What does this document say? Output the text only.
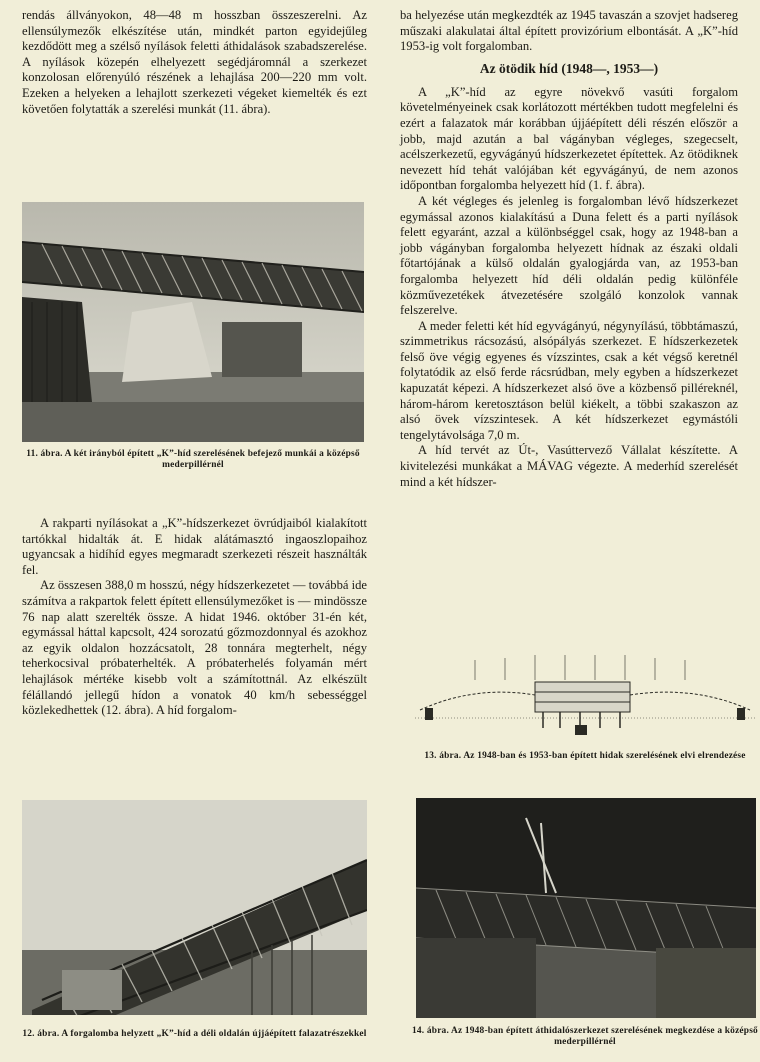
rendás állványokon, 48—48 m hosszban összeszerelni. Az ellensúlymezők elkészítése után, mindkét parton egyidejűleg kezdődött meg a szélső nyílások feletti áthidalások szabadszerelése. A nyílások közepén elhelyezett segédjáromnál a szerkezet konzolosan előrenyúló részének a lehajlása 200—220 mm volt. Ezeken a helyeken a lehajlott szerkezeti végeket kiemelték és ezt követően folytatták a szerelési munkát (11. ábra).

11. ábra. A két irányból épített „K”-híd szerelésének befejező munkái a középső mederpillérnél

A rakparti nyílásokat a „K”-hídszerkezet övrúdjaiból kialakított tartókkal hidalták át. E hidak alátámasztó ingaoszlopaihoz ugyancsak a hidíhíd egyes megmaradt szerkezeti részeit használták fel.

Az összesen 388,0 m hosszú, négy hídszerkezetet — továbbá ide számítva a rakpartok felett épített ellensúlymezőket is — mindössze 76 nap alatt szerelték össze. A hidat 1946. október 31-én két, egymással háttal kapcsolt, 424 sorozatú gőzmozdonnyal és azokhoz az egyik oldalon hozzácsatolt, 28 tonnára megterhelt, négy teherkocsival próbaterhelték. A próbaterhelés folyamán mért lehajlások mértéke kisebb volt a számítottnál. Az elkészült félállandó jellegű hídon a vonatok 40 km/h sebességgel közlekedhettek (12. ábra). A híd forgalom-

12. ábra. A forgalomba helyzett „K”-híd a déli oldalán újjáépített falazatrészekkel

ba helyezése után megkezdték az 1945 tavaszán a szovjet hadsereg műszaki alakulatai által épített provizórium elbontását. A „K”-híd 1953-ig volt forgalomban.

Az ötödik híd (1948—, 1953—)

A „K”-híd az egyre növekvő vasúti forgalom követelményeinek csak korlátozott mértékben tudott megfelelni és ezért a falazatok már korábban újjáépített déli részén először a jobb, majd azután a bal vágányban végleges, szegecselt, acélszerkezetű, egyvágányú hídszerkezetet építettek. Az ötödiknek nevezett híd tehát valójában két egyvágányú, de nem azonos időpontban forgalomba helyezett híd (1. f. ábra).

A két végleges és jelenleg is forgalomban lévő hídszerkezet egymással azonos kialakítású a Duna felett és a parti nyílások felett egyaránt, azzal a különbséggel csak, hogy az 1948-ban a jobb vágányban forgalomba helyezett hídnak az északi oldali főtartójának a külső oldalán gyalogjárda van, az 1953-ban forgalomba helyezett híd déli oldalán pedig különféle közművezetékek átvezetésére szolgáló konzolok vannak felszerelve.

A meder feletti két híd egyvágányú, négynyílású, többtámaszú, szimmetrikus rácsozású, alsópályás szerkezet. E hídszerkezetek felső öve végig egyenes és vízszintes, csak a két végső keretnél folytatódik az első ferde rácsrúdban, mely egyben a hídszerkezet kapuzatát képezi. A hídszerkezet alsó öve a közbenső pilléreknél, három-három keretosztáson belül kiékelt, a többi szakaszon az alsó övek vízszintesek. A két hídszerkezet egymástóli tengelytávolsága 7,0 m.

A híd tervét az Út-, Vasúttervező Vállalat készítette. A kivitelezési munkákat a MÁVAG végezte. A mederhíd szerelését mind a két hídszer-

13. ábra. Az 1948-ban és 1953-ban épített hidak szerelésének elvi elrendezése
14. ábra. Az 1948-ban épített áthidalószerkezet szerelésének megkezdése a középső mederpillérnél
